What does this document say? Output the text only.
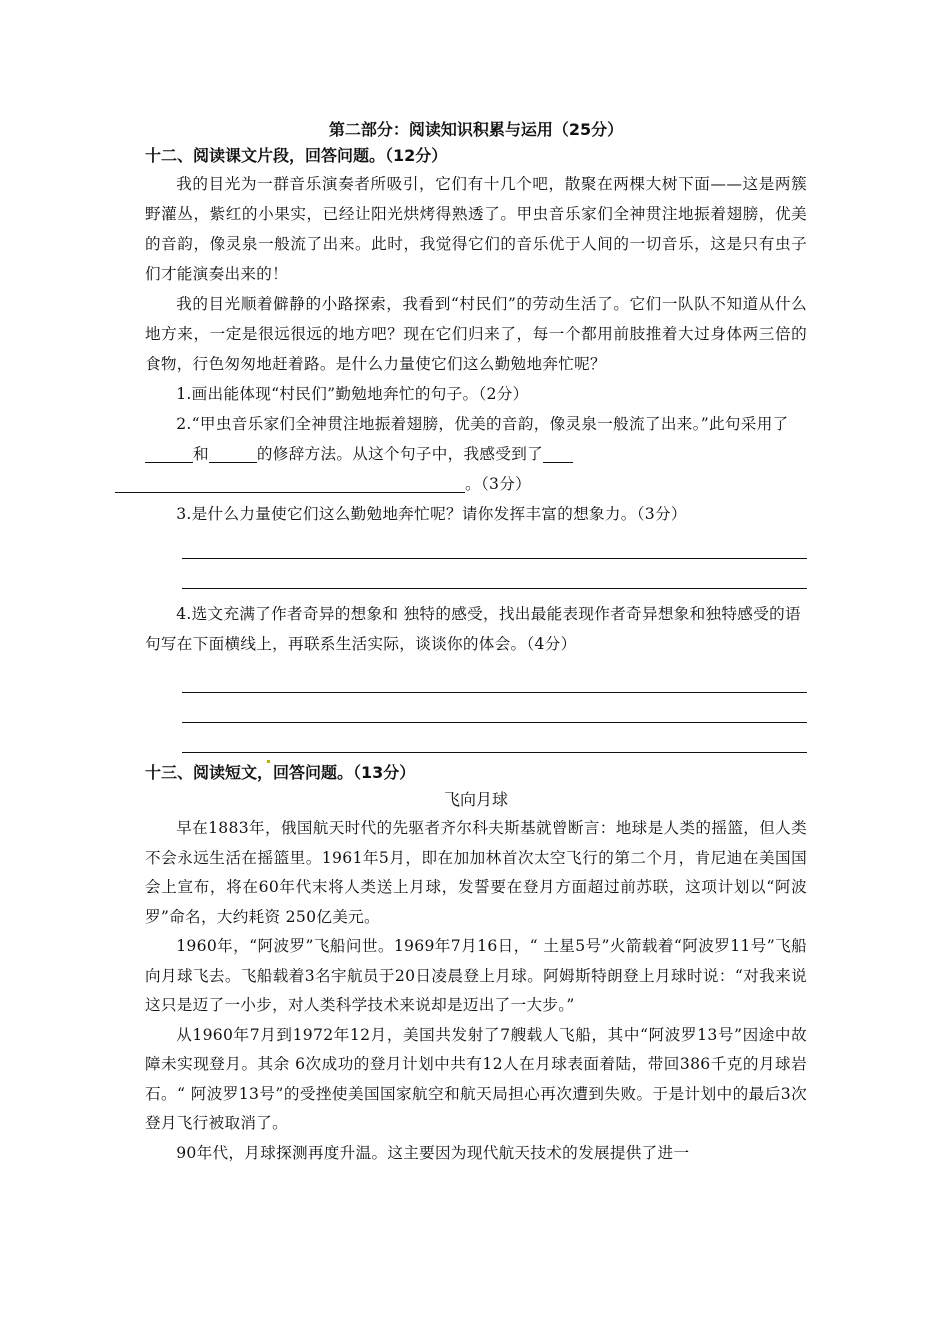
第二部分：阅读知识积累与运用（25分）
十二、阅读课文片段，回答问题。（12分）

我的目光为一群音乐演奏者所吸引，它们有十几个吧，散聚在两棵大树下面——这是两簇野灌丛，紫红的小果实，已经让阳光烘烤得熟透了。甲虫音乐家们全神贯注地振着翅膀，优美的音韵，像灵泉一般流了出来。此时，我觉得它们的音乐优于人间的一切音乐，这是只有虫子们才能演奏出来的！

我的目光顺着僻静的小路探索，我看到“村民们”的劳动生活了。它们一队队不知道从什么地方来，一定是很远很远的地方吧？现在它们归来了，每一个都用前肢推着大过身体两三倍的食物，行色匆匆地赶着路。是什么力量使它们这么勤勉地奔忙呢？

1.画出能体现“村民们”勤勉地奔忙的句子。（2分）

2.“甲虫音乐家们全神贯注地振着翅膀，优美的音韵，像灵泉一般流了出来。”此句采用了和	的修辞方法。从这个句子中，我感受到了。（3分）

3.是什么力量使它们这么勤勉地奔忙呢？请你发挥丰富的想象力。（3分）

4.选文充满了作者奇异的想象和 独特的感受，找出最能表现作者奇异想象和独特感受的语句写在下面横线上，再联系生活实际，谈谈你的体会。（4分）

十三、阅读短文，回答问题。（13分）
飞向月球

早在1883年，俄国航天时代的先驱者齐尔科夫斯基就曾断言：地球是人类的摇篮，但人类不会永远生活在摇篮里。1961年5月，即在加加林首次太空飞行的第二个月，肯尼迪在美国国会上宣布，将在60年代末将人类送上月球，发誓要在登月方面超过前苏联，这项计划以“阿波罗”命名，大约耗资 250亿美元。

1960年，“阿波罗”飞船问世。1969年7月16日，“ 土星5号”火箭载着“阿波罗11号”飞船向月球飞去。飞船载着3名宇航员于20日凌晨登上月球。阿姆斯特朗登上月球时说：“对我来说这只是迈了一小步，对人类科学技术来说却是迈出了一大步。”

从1960年7月到1972年12月，美国共发射了7艘载人飞船，其中“阿波罗13号”因途中故障未实现登月。其余 6次成功的登月计划中共有12人在月球表面着陆，带回386千克的月球岩石。“ 阿波罗13号”的受挫使美国国家航空和航天局担心再次遭到失败。于是计划中的最后3次登月飞行被取消了。

90年代，月球探测再度升温。这主要因为现代航天技术的发展提供了进一
